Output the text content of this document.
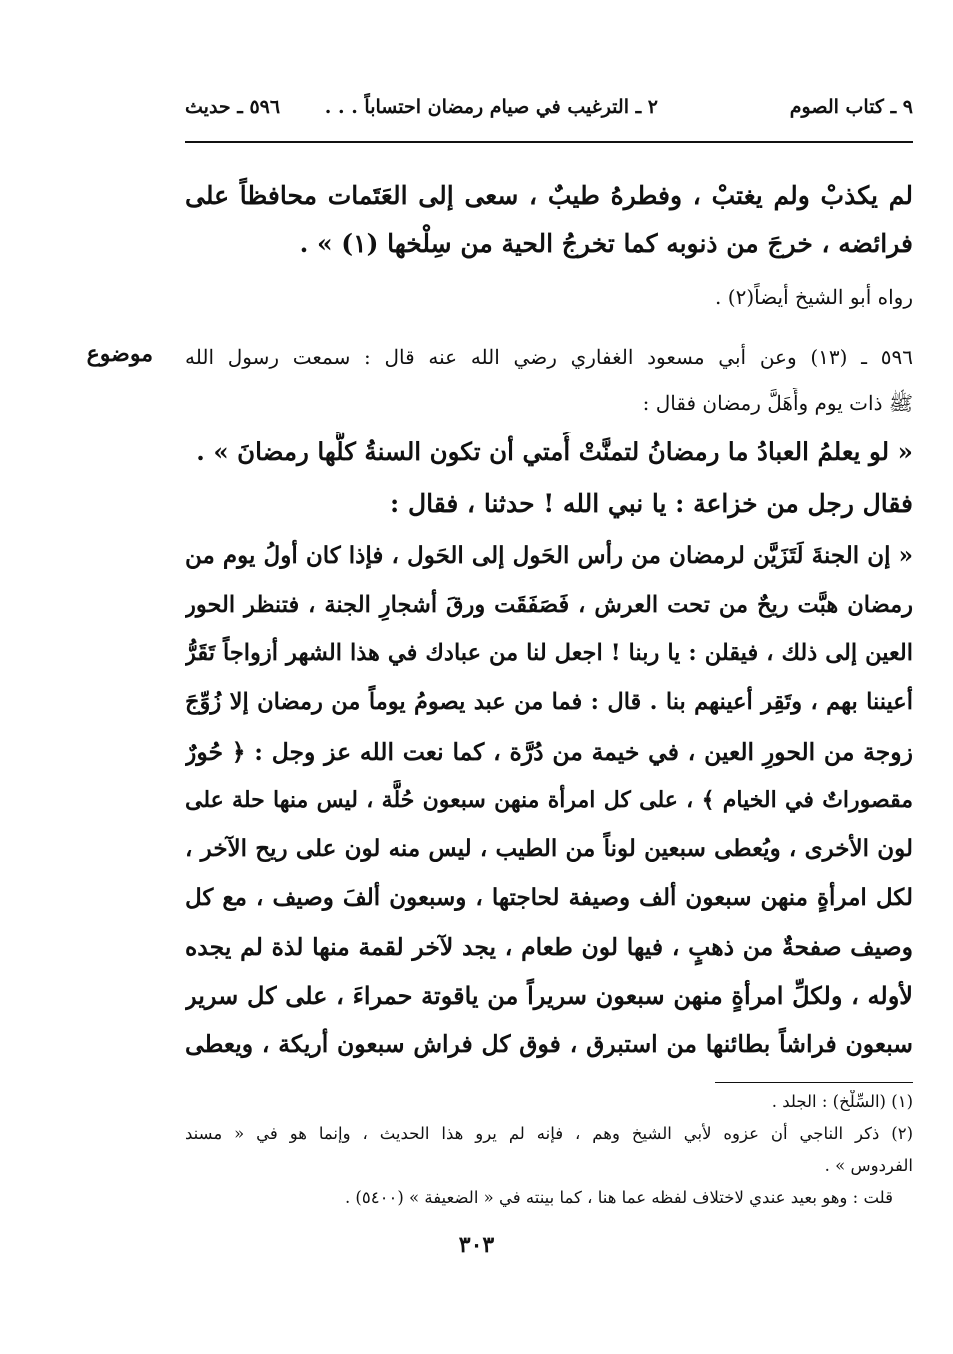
٩ ـ كتاب الصوم
٢ ـ الترغيب في صيام رمضان احتساباً . . .
٥٩٦ ـ حديث
لم يكذبْ ولم يغتبْ ، وفطرهُ طيبٌ ، سعى إلى العَتَمات محافظاً على
فرائضه ، خرجَ من ذنوبه كما تخرجُ الحية من سِلْخها (١) » .
رواه أبو الشيخ أيضاً(٢) .
موضوع ٥٩٦ ـ (١٣) وعن أبي مسعود الغفاري رضي الله عنه قال : سمعت رسول الله
ﷺ ذات يوم وأَهَلَّ رمضان فقال :
« لو يعلمُ العبادُ ما رمضانُ لتمنَّتْ أُمتي أن تكون السنةُ كلُّها رمضانَ » .
فقال رجل من خزاعة : يا نبي الله ! حدثنا ، فقال :
« إن الجنةَ لَتَزَيَّن لرمضان من رأس الحَول إلى الحَول ، فإذا كان أولُ يوم من
رمضان هبَّت ريحٌ من تحت العرش ، فَصَفَقَت ورقَ أشجارِ الجنة ، فتنظر الحور
العين إلى ذلك ، فيقلن : يا ربنا ! اجعل لنا من عبادك في هذا الشهر أزواجاً تَقَرُّ
أعيننا بهم ، وتَقِر أعينهم بنا . قال : فما من عبد يصومُ يوماً من رمضان إلا زُوِّجَ
زوجة من الحورِ العين ، في خيمة من دُرَّة ، كما نعت الله عز وجل : ﴿ حُورٌ
مقصوراتٌ في الخيام ﴾ ، على كل امرأة منهن سبعون حُلَّة ، ليس منها حلة على
لون الأخرى ، ويُعطى سبعين لوناً من الطيب ، ليس منه لون على ريح الآخر ،
لكل امرأةٍ منهن سبعون ألف وصيفة لحاجتها ، وسبعون ألفَ وصيف ، مع كل
وصيف صفحةٌ من ذهبٍ ، فيها لون طعام ، يجد لآخر لقمة منها لذة لم يجده
لأوله ، ولكلِّ امرأةٍ منهن سبعون سريراً من ياقوتة حمراءَ ، على كل سرير
سبعون فراشاً بطائنها من استبرق ، فوق كل فراش سبعون أريكة ، ويعطى
(١) (السِّلْخ) : الجلد .
(٢) ذكر الناجي أن عزوه لأبي الشيخ وهم ، فإنه لم يرو هذا الحديث ، وإنما هو في « مسند
الفردوس » .
قلت : وهو بعيد عندي لاختلاف لفظه عما هنا ، كما بينته في « الضعيفة » (٥٤٠٠) .
٣٠٣
